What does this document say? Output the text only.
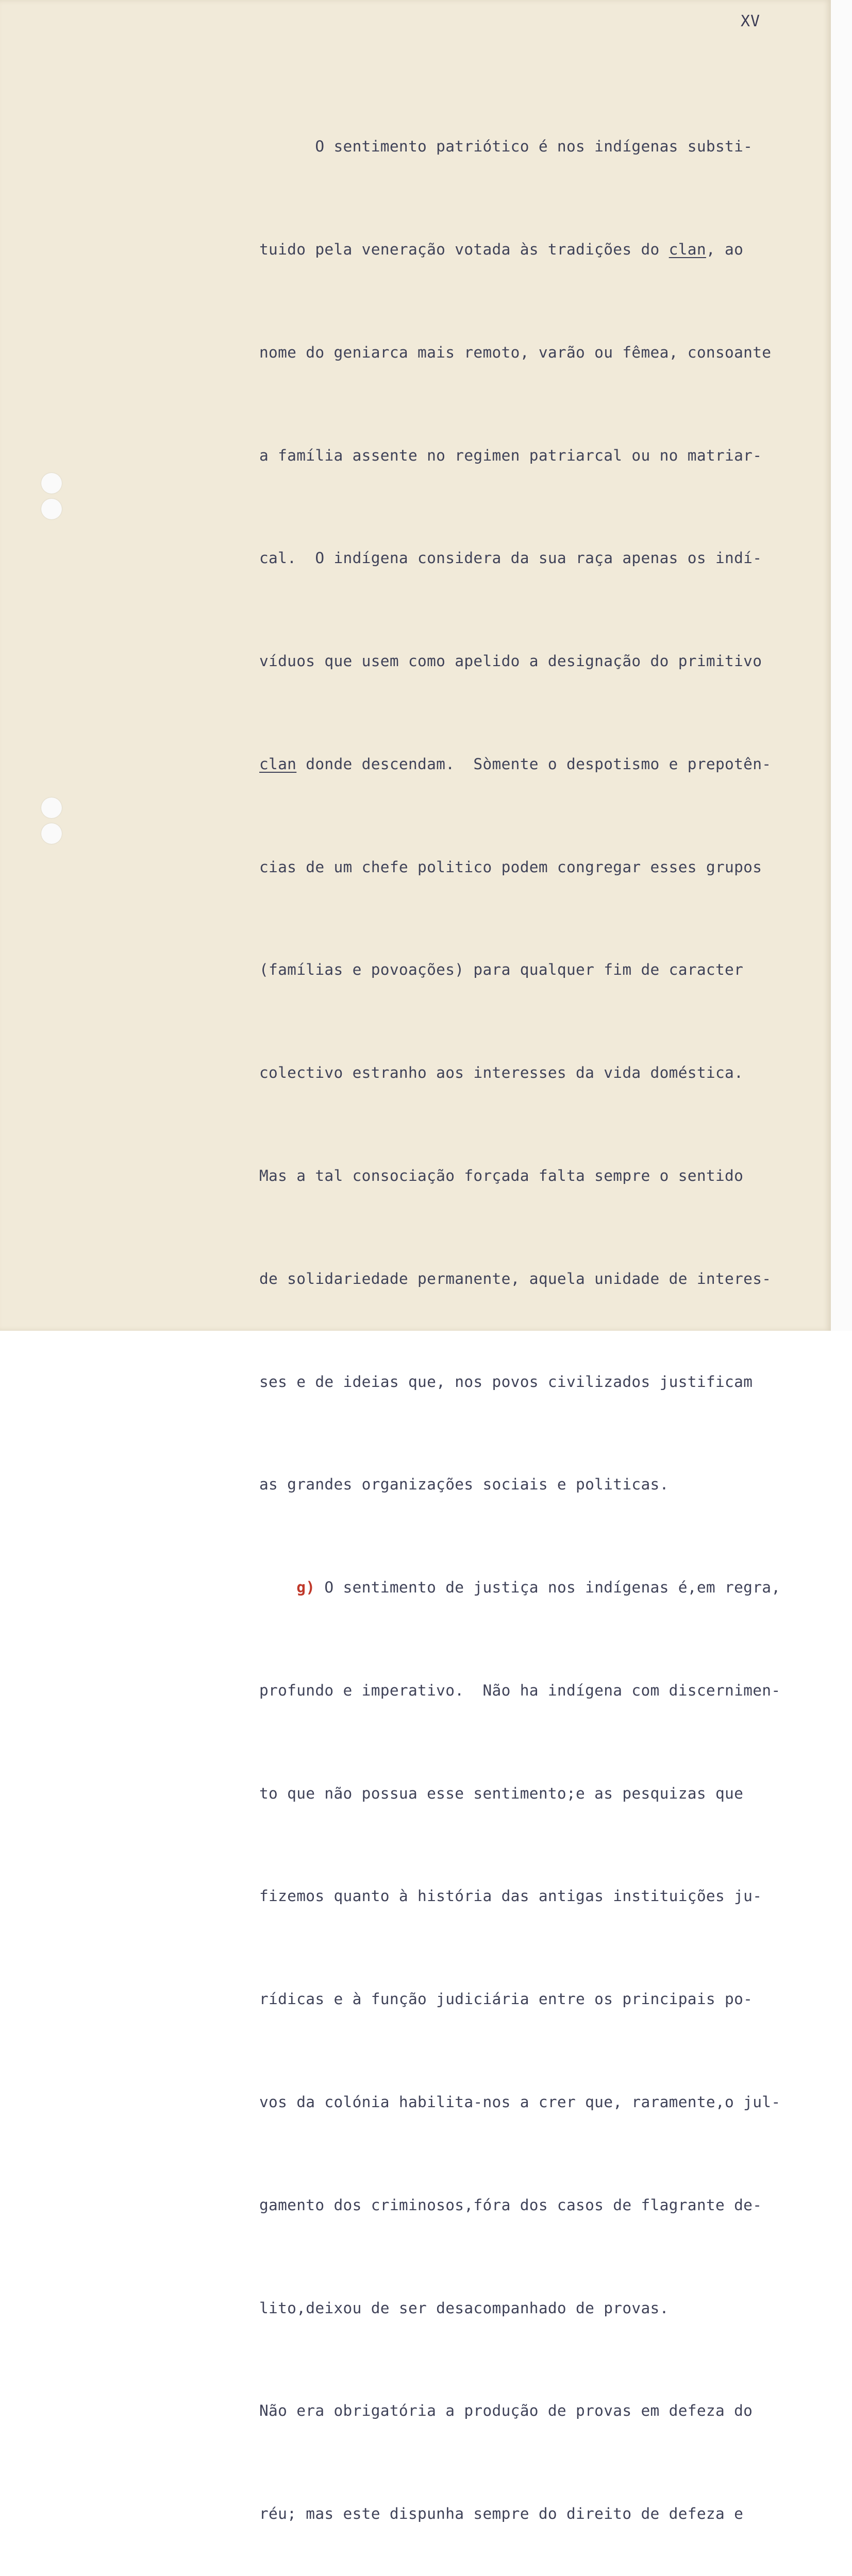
XV

O sentimento patriótico é nos indígenas substi-

tuido pela veneração votada às tradições do clan, ao

nome do geniarca mais remoto, varão ou fêmea, consoante

a família assente no regimen patriarcal ou no matriar-

cal.  O indígena considera da sua raça apenas os indí-

víduos que usem como apelido a designação do primitivo

clan donde descendam.  Sòmente o despotismo e prepotên-

cias de um chefe politico podem congregar esses grupos

(famílias e povoações) para qualquer fim de caracter

colectivo estranho aos interesses da vida doméstica.

Mas a tal consociação forçada falta sempre o sentido

de solidariedade permanente, aquela unidade de interes-

ses e de ideias que, nos povos civilizados justificam

as grandes organizações sociais e politicas.

g) O sentimento de justiça nos indígenas é,em regra,

profundo e imperativo.  Não ha indígena com discernimen-

to que não possua esse sentimento;e as pesquizas que

fizemos quanto à história das antigas instituições ju-

rídicas e à função judiciária entre os principais po-

vos da colónia habilita-nos a crer que, raramente,o jul-

gamento dos criminosos,fóra dos casos de flagrante de-

lito,deixou de ser desacompanhado de provas.

Não era obrigatória a produção de provas em defeza do

réu; mas este dispunha sempre do direito de defeza e
